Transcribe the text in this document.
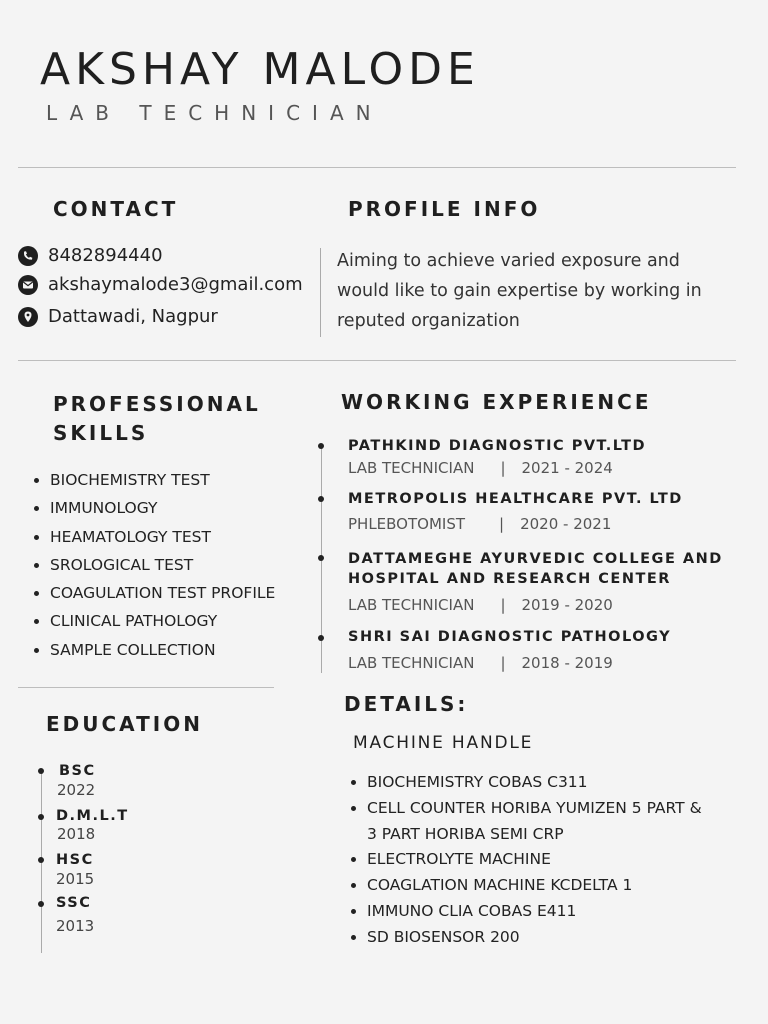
AKSHAY MALODE
LAB TECHNICIAN
CONTACT
8482894440
akshaymalode3@gmail.com
Dattawadi, Nagpur
PROFILE INFO
Aiming to achieve varied exposure and would like to gain expertise by working in reputed organization
PROFESSIONAL
SKILLS
• BIOCHEMISTRY TEST
• IMMUNOLOGY
• HEAMATOLOGY TEST
• SROLOGICAL TEST
• COAGULATION TEST PROFILE
• CLINICAL PATHOLOGY
• SAMPLE COLLECTION
WORKING EXPERIENCE
PATHKIND DIAGNOSTIC PVT.LTD
LAB TECHNICIAN | 2021 - 2024
METROPOLIS HEALTHCARE PVT. LTD
PHLEBOTOMIST | 2020 - 2021
DATTAMEGHE AYURVEDIC COLLEGE AND
HOSPITAL AND RESEARCH CENTER
LAB TECHNICIAN | 2019 - 2020
SHRI SAI DIAGNOSTIC PATHOLOGY
LAB TECHNICIAN | 2018 - 2019
EDUCATION
BSC
2022
D.M.L.T
2018
HSC
2015
SSC
2013
DETAILS:
MACHINE HANDLE
• BIOCHEMISTRY COBAS C311
• CELL COUNTER HORIBA YUMIZEN 5 PART &
3 PART HORIBA SEMI CRP
• ELECTROLYTE MACHINE
• COAGLATION MACHINE KCDELTA 1
• IMMUNO CLIA COBAS E411
• SD BIOSENSOR 200
